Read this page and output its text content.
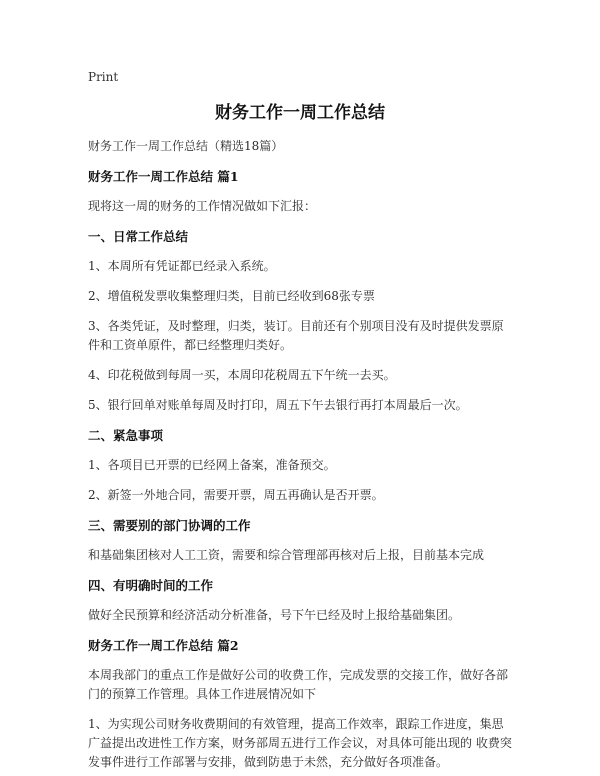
Print
财务工作一周工作总结

财务工作一周工作总结（精选18篇）

财务工作一周工作总结 篇1

现将这一周的财务的工作情况做如下汇报：

一、日常工作总结

1、本周所有凭证都已经录入系统。

2、增值税发票收集整理归类，目前已经收到68张专票

3、各类凭证，及时整理，归类，装订。目前还有个别项目没有及时提供发票原件和工资单原件，都已经整理归类好。

4、印花税做到每周一买，本周印花税周五下午统一去买。

5、银行回单对账单每周及时打印，周五下午去银行再打本周最后一次。

二、紧急事项

1、各项目已开票的已经网上备案，准备预交。

2、新签一外地合同，需要开票，周五再确认是否开票。

三、需要别的部门协调的工作

和基础集团核对人工工资，需要和综合管理部再核对后上报，目前基本完成

四、有明确时间的工作

做好全民预算和经济活动分析准备，号下午已经及时上报给基础集团。

财务工作一周工作总结 篇2

本周我部门的重点工作是做好公司的收费工作，完成发票的交接工作，做好各部门的预算工作管理。具体工作进展情况如下

1、为实现公司财务收费期间的有效管理，提高工作效率，跟踪工作进度，集思广益提出改进性工作方案，财务部周五进行工作会议，对具体可能出现的 收费突发事件进行工作部署与安排，做到防患于未然，充分做好各项准备。
